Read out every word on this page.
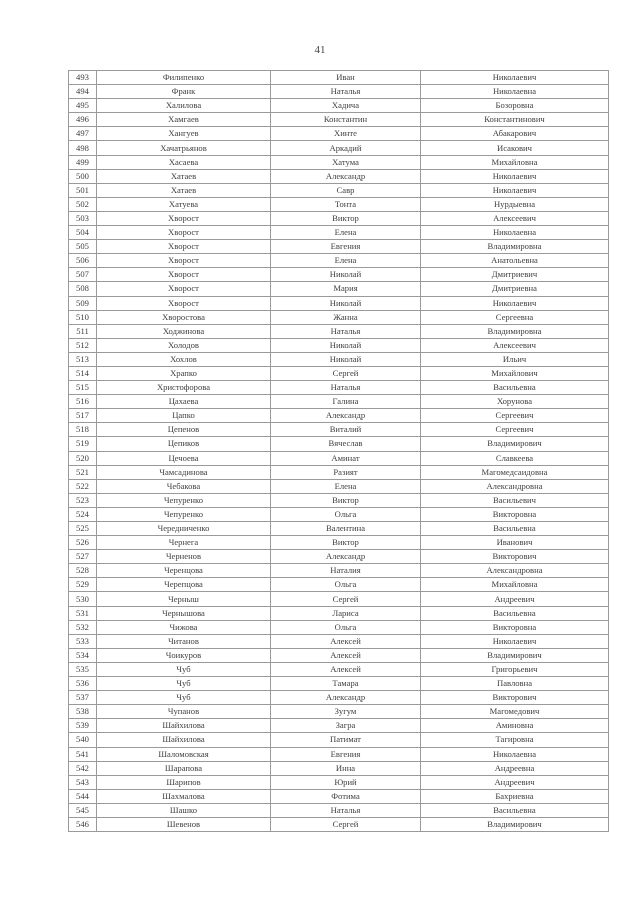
41
493	Филипенко	Иван	Николаевич
494	Франк	Наталья	Николаевна
495	Халилова	Хадича	Бозоровна
496	Хамгаев	Константин	Константинович
497	Хангуев	Хинте	Абакарович
498	Хачатрьянов	Аркадий	Исакович
499	Хасаева	Хатума	Михайловна
500	Хатаев	Александр	Николаевич
501	Хатаев	Савр	Николаевич
502	Хатуева	Тонта	Нурдыевна
503	Хворост	Виктор	Алексеевич
504	Хворост	Елена	Николаевна
505	Хворост	Евгения	Владимировна
506	Хворост	Елена	Анатольевна
507	Хворост	Николай	Дмитриевич
508	Хворост	Мария	Дмитриевна
509	Хворост	Николай	Николаевич
510	Хворостова	Жанна	Сергеевна
511	Ходжинова	Наталья	Владимировна
512	Холодов	Николай	Алексеевич
513	Хохлов	Николай	Ильич
514	Храпко	Сергей	Михайлович
515	Христофорова	Наталья	Васильевна
516	Цахаева	Галина	Хорунова
517	Цапко	Александр	Сергеевич
518	Цепенов	Виталий	Сергеевич
519	Цепиков	Вячеслав	Владимирович
520	Цечоева	Аминат	Славкеева
521	Чамсадинова	Разият	Магомедсаидовна
522	Чебакова	Елена	Александровна
523	Чепуренко	Виктор	Васильевич
524	Чепуренко	Ольга	Викторовна
525	Чередниченко	Валентина	Васильевна
526	Чернега	Виктор	Иванович
527	Черненов	Александр	Викторович
528	Черенцова	Наталия	Александровна
529	Черепцова	Ольга	Михайловна
530	Черныш	Сергей	Андреевич
531	Чернышова	Лариса	Васильевна
532	Чижова	Ольга	Викторовна
533	Читанов	Алексей	Николаевич
534	Чоикуров	Алексей	Владимирович
535	Чуб	Алексей	Григорьевич
536	Чуб	Тамара	Павловна
537	Чуб	Александр	Викторович
538	Чупанов	Зугум	Магомедович
539	Шайхилова	Загра	Аминовна
540	Шайхилова	Патимат	Тагировна
541	Шаломовская	Евгения	Николаевна
542	Шарапова	Инна	Андреевна
543	Шарипов	Юрий	Андреевич
544	Шахмалова	Фотима	Бахриевна
545	Шашко	Наталья	Васильевна
546	Шевенов	Сергей	Владимирович
